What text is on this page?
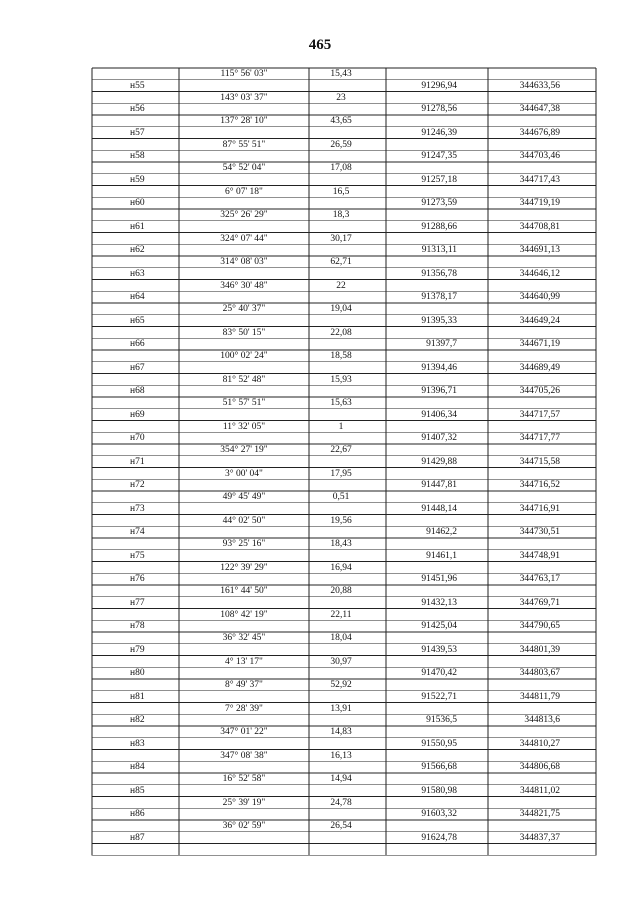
465
115° 56' 03"	15,43
н55	91296,94	344633,56
143° 03' 37"	23
н56	91278,56	344647,38
137° 28' 10"	43,65
н57	91246,39	344676,89
87° 55' 51"	26,59
н58	91247,35	344703,46
54° 52' 04"	17,08
н59	91257,18	344717,43
6° 07' 18"	16,5
н60	91273,59	344719,19
325° 26' 29"	18,3
н61	91288,66	344708,81
324° 07' 44"	30,17
н62	91313,11	344691,13
314° 08' 03"	62,71
н63	91356,78	344646,12
346° 30' 48"	22
н64	91378,17	344640,99
25° 40' 37"	19,04
н65	91395,33	344649,24
83° 50' 15"	22,08
н66	91397,7	344671,19
100° 02' 24"	18,58
н67	91394,46	344689,49
81° 52' 48"	15,93
н68	91396,71	344705,26
51° 57' 51"	15,63
н69	91406,34	344717,57
11° 32' 05"	1
н70	91407,32	344717,77
354° 27' 19"	22,67
н71	91429,88	344715,58
3° 00' 04"	17,95
н72	91447,81	344716,52
49° 45' 49"	0,51
н73	91448,14	344716,91
44° 02' 50"	19,56
н74	91462,2	344730,51
93° 25' 16"	18,43
н75	91461,1	344748,91
122° 39' 29"	16,94
н76	91451,96	344763,17
161° 44' 50"	20,88
н77	91432,13	344769,71
108° 42' 19"	22,11
н78	91425,04	344790,65
36° 32' 45"	18,04
н79	91439,53	344801,39
4° 13' 17"	30,97
н80	91470,42	344803,67
8° 49' 37"	52,92
н81	91522,71	344811,79
7° 28' 39"	13,91
н82	91536,5	344813,6
347° 01' 22"	14,83
н83	91550,95	344810,27
347° 08' 38"	16,13
н84	91566,68	344806,68
16° 52' 58"	14,94
н85	91580,98	344811,02
25° 39' 19"	24,78
н86	91603,32	344821,75
36° 02' 59"	26,54
н87	91624,78	344837,37
